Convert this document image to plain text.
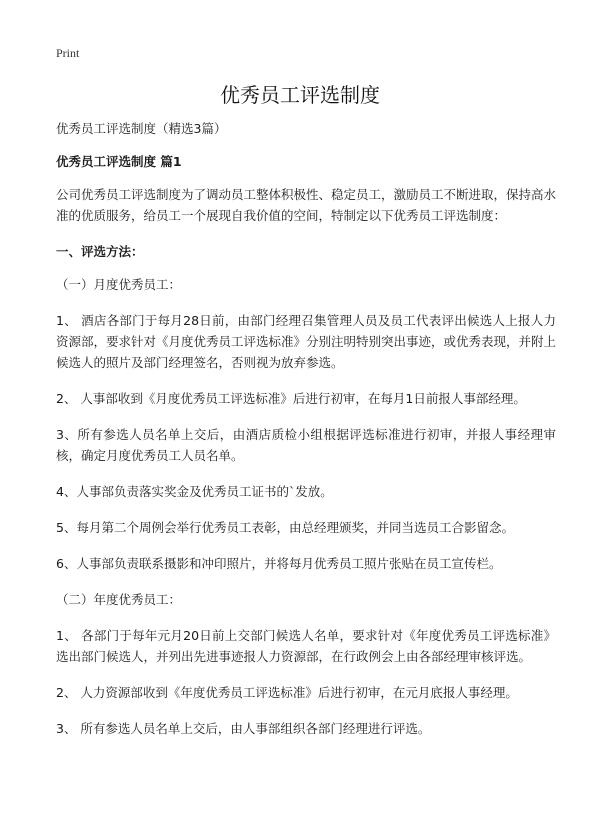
Print
优秀员工评选制度

优秀员工评选制度（精选3篇）

优秀员工评选制度 篇1

公司优秀员工评选制度为了调动员工整体积极性、稳定员工，激励员工不断进取，保持高水准的优质服务，给员工一个展现自我价值的空间，特制定以下优秀员工评选制度：

一、评选方法：

（一）月度优秀员工：

1、 酒店各部门于每月28日前，由部门经理召集管理人员及员工代表评出候选人上报人力资源部，要求针对《月度优秀员工评选标准》分别注明特别突出事迹，或优秀表现，并附上候选人的照片及部门经理签名，否则视为放弃参选。

2、 人事部收到《月度优秀员工评选标准》后进行初审，在每月1日前报人事部经理。

3、所有参选人员名单上交后，由酒店质检小组根据评选标准进行初审，并报人事经理审核，确定月度优秀员工人员名单。

4、人事部负责落实奖金及优秀员工证书的`发放。

5、每月第二个周例会举行优秀员工表彰，由总经理颁奖，并同当选员工合影留念。

6、人事部负责联系摄影和冲印照片，并将每月优秀员工照片张贴在员工宣传栏。

（二）年度优秀员工：

1、 各部门于每年元月20日前上交部门候选人名单，要求针对《年度优秀员工评选标准》选出部门候选人，并列出先进事迹报人力资源部，在行政例会上由各部经理审核评选。

2、 人力资源部收到《年度优秀员工评选标准》后进行初审，在元月底报人事经理。

3、 所有参选人员名单上交后，由人事部组织各部门经理进行评选。
